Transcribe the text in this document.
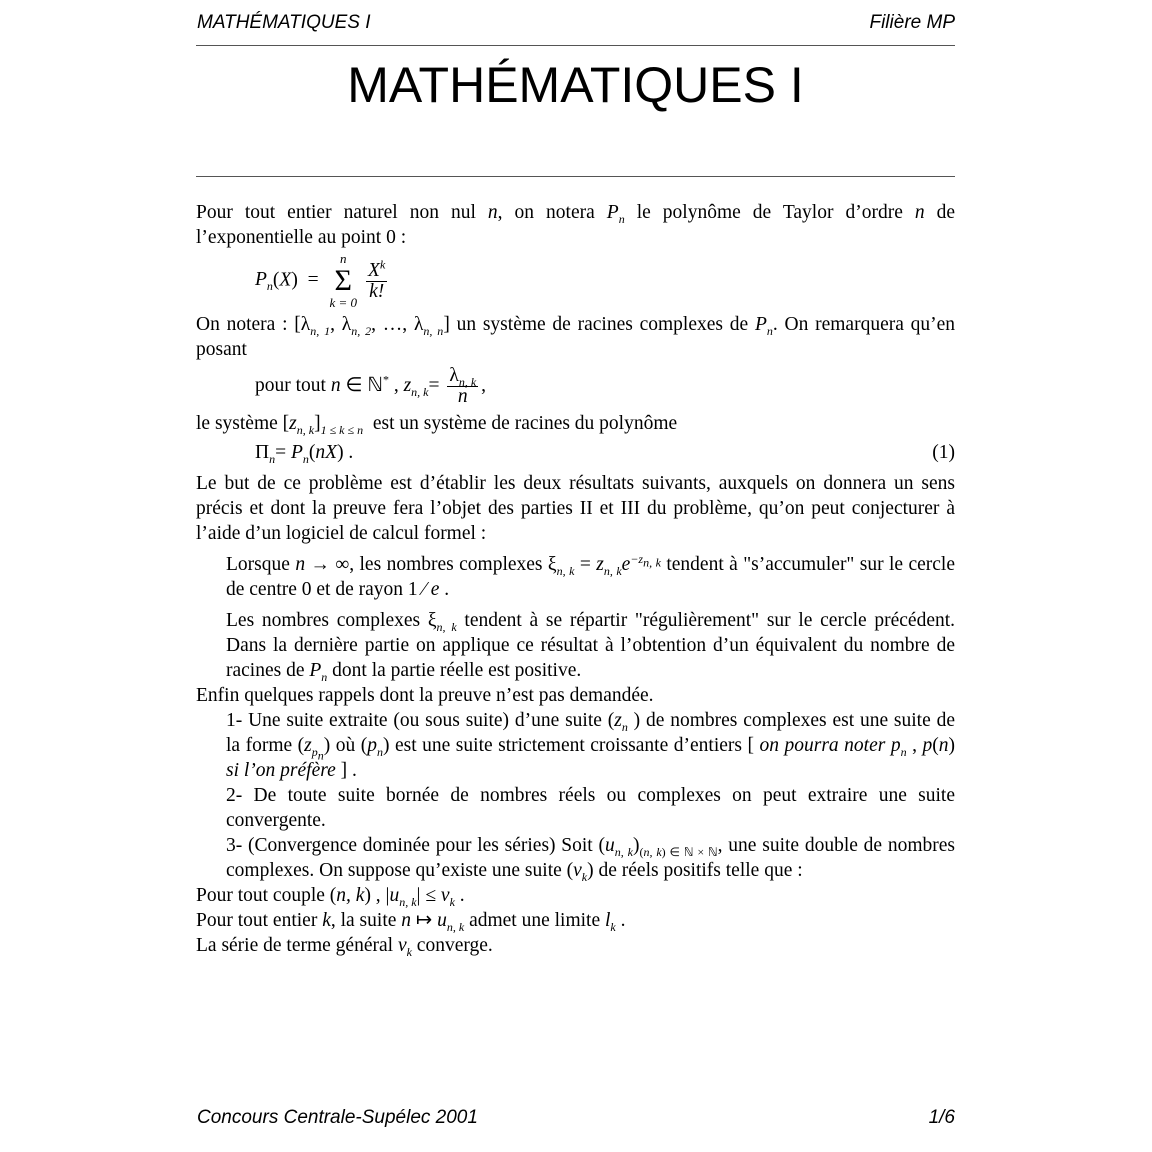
MATHÉMATIQUES I	Filière MP
MATHÉMATIQUES I

Pour tout entier naturel non nul n, on notera $P_n$ le polynôme de Taylor d’ordre n de l’exponentielle au point 0 :

$P_n(X)$  =
n
Σ
k = 0
$\frac{X^k}{k!}$

On notera : [$\lambda_{n, 1}$, $\lambda_{n, 2}$, …, $\lambda_{n, n}$] un système de racines complexes de $P_n$. On remarquera qu’en posant

pour tout n ∈ ℕ* , $z_{n, k}= \frac{\lambda_{n, k}}{n}$ ,

le système $[z_{n, k}]_{1 \le k \le n}$ est un système de racines du polynôme

$\Pi_n= P_n(nX)$ .	(1)

Le but de ce problème est d’établir les deux résultats suivants, auxquels on donnera un sens précis et dont la preuve fera l’objet des parties II et III du problème, qu’on peut conjecturer à l’aide d’un logiciel de calcul formel :

Lorsque n → ∞, les nombres complexes $\xi_{n, k} = z_{n, k}e^{-z_{n, k}}$ tendent à "s’accumuler" sur le cercle de centre 0 et de rayon 1 ⁄ e .

Les nombres complexes $\xi_{n, k}$ tendent à se répartir "régulièrement" sur le cercle précédent. Dans la dernière partie on applique ce résultat à l’obtention d’un équivalent du nombre de racines de $P_n$ dont la partie réelle est positive.

Enfin quelques rappels dont la preuve n’est pas demandée.

1- Une suite extraite (ou sous suite) d’une suite ($z_n$ ) de nombres complexes est une suite de la forme $(z_{p_n})$ où $(p_n)$ est une suite strictement croissante d’entiers [ on pourra noter $p_n$ , p(n) si l’on préfère ] .

2- De toute suite bornée de nombres réels ou complexes on peut extraire une suite convergente.

3- (Convergence dominée pour les séries) Soit $(u_{n, k})_{(n, k) \in ℕ \times ℕ}$, une suite double de nombres complexes. On suppose qu’existe une suite $(v_k)$ de réels positifs telle que :

Pour tout couple (n, k) , $|u_{n, k}| \le v_k$ .

Pour tout entier k, la suite n ↦ $u_{n, k}$ admet une limite $l_k$ .

La série de terme général $v_k$ converge.

Concours Centrale-Supélec 2001	1/6
